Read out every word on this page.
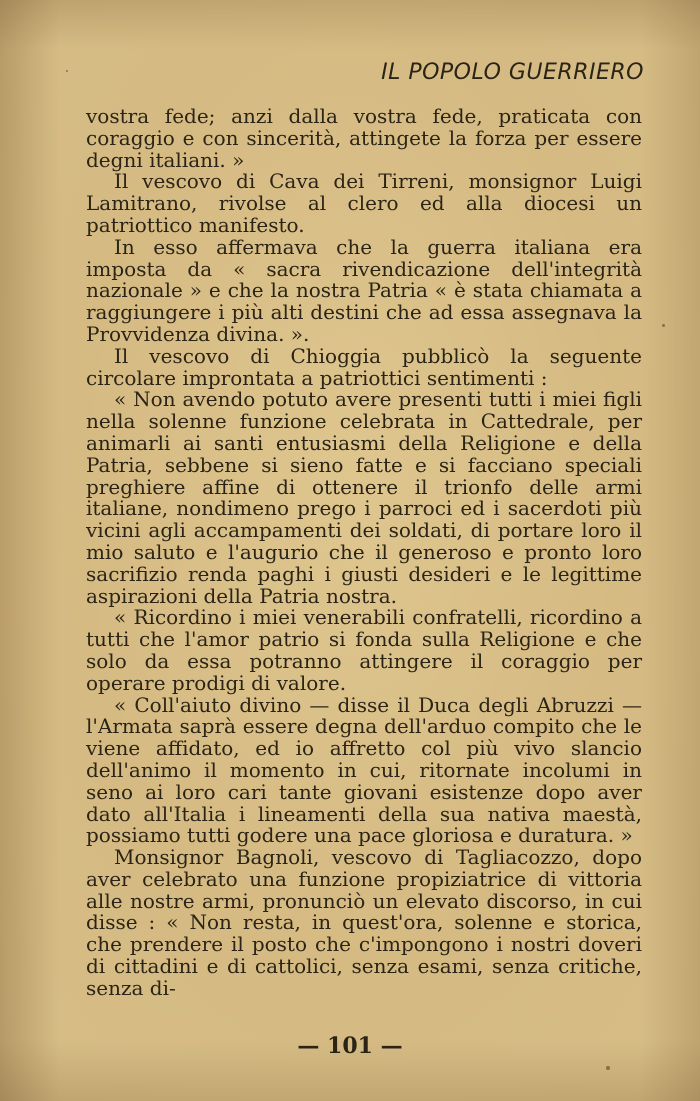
IL POPOLO GUERRIERO

vostra fede; anzi dalla vostra fede, praticata con coraggio e con sincerità, attingete la forza per essere degni italiani. »

Il vescovo di Cava dei Tirreni, monsignor Luigi Lamitrano, rivolse al clero ed alla diocesi un patriottico manifesto.

In esso affermava che la guerra italiana era imposta da « sacra rivendicazione dell'integrità nazionale » e che la nostra Patria « è stata chiamata a raggiungere i più alti destini che ad essa assegnava la Provvidenza divina. ».

Il vescovo di Chioggia pubblicò la seguente circolare improntata a patriottici sentimenti :

« Non avendo potuto avere presenti tutti i miei figli nella solenne funzione celebrata in Cattedrale, per animarli ai santi entusiasmi della Religione e della Patria, sebbene si sieno fatte e si facciano speciali preghiere affine di ottenere il trionfo delle armi italiane, nondimeno prego i parroci ed i sacerdoti più vicini agli accampamenti dei soldati, di portare loro il mio saluto e l'augurio che il generoso e pronto loro sacrifizio renda paghi i giusti desideri e le legittime aspirazioni della Patria nostra.

« Ricordino i miei venerabili confratelli, ricordino a tutti che l'amor patrio si fonda sulla Religione e che solo da essa potranno attingere il coraggio per operare prodigi di valore.

« Coll'aiuto divino — disse il Duca degli Abruzzi — l'Armata saprà essere degna dell'arduo compito che le viene affidato, ed io affretto col più vivo slancio dell'animo il momento in cui, ritornate incolumi in seno ai loro cari tante giovani esistenze dopo aver dato all'Italia i lineamenti della sua nativa maestà, possiamo tutti godere una pace gloriosa e duratura. »

Monsignor Bagnoli, vescovo di Tagliacozzo, dopo aver celebrato una funzione propiziatrice di vittoria alle nostre armi, pronunciò un elevato discorso, in cui disse : « Non resta, in quest'ora, solenne e storica, che prendere il posto che c'impongono i nostri doveri di cittadini e di cattolici, senza esami, senza critiche, senza di-

— 101 —
